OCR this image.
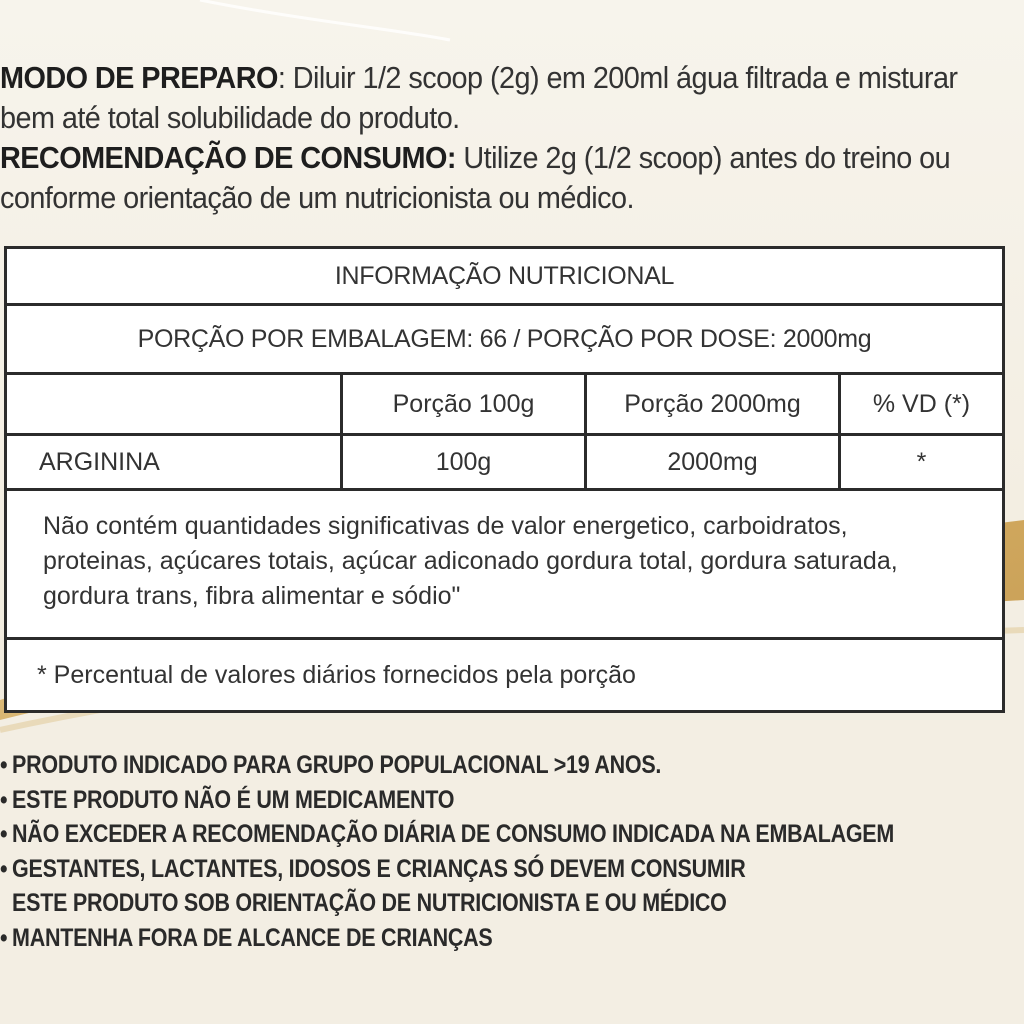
MODO DE PREPARO: Diluir 1/2 scoop (2g) em 200ml água filtrada e misturar

bem até total solubilidade do produto.

RECOMENDAÇÃO DE CONSUMO: Utilize 2g (1/2 scoop) antes do treino ou

conforme orientação de um nutricionista ou médico.

INFORMAÇÃO NUTRICIONAL			
PORÇÃO POR EMBALAGEM: 66 / PORÇÃO POR DOSE: 2000mg			
	Porção 100g	Porção 2000mg	% VD (*)
ARGININA	100g	2000mg	*

Não contém quantidades significativas de valor energetico, carboidratos,
proteinas, açúcares totais, açúcar adiconado gordura total, gordura saturada,
gordura trans, fibra alimentar e sódio"			

* Percentual de valores diários fornecidos pela porção			
• PRODUTO INDICADO PARA GRUPO POPULACIONAL >19 ANOS.
• ESTE PRODUTO NÃO É UM MEDICAMENTO
• NÃO EXCEDER A RECOMENDAÇÃO DIÁRIA DE CONSUMO INDICADA NA EMBALAGEM
• GESTANTES, LACTANTES, IDOSOS E CRIANÇAS SÓ DEVEM CONSUMIR
ESTE PRODUTO SOB ORIENTAÇÃO DE NUTRICIONISTA E OU MÉDICO
• MANTENHA FORA DE ALCANCE DE CRIANÇAS
